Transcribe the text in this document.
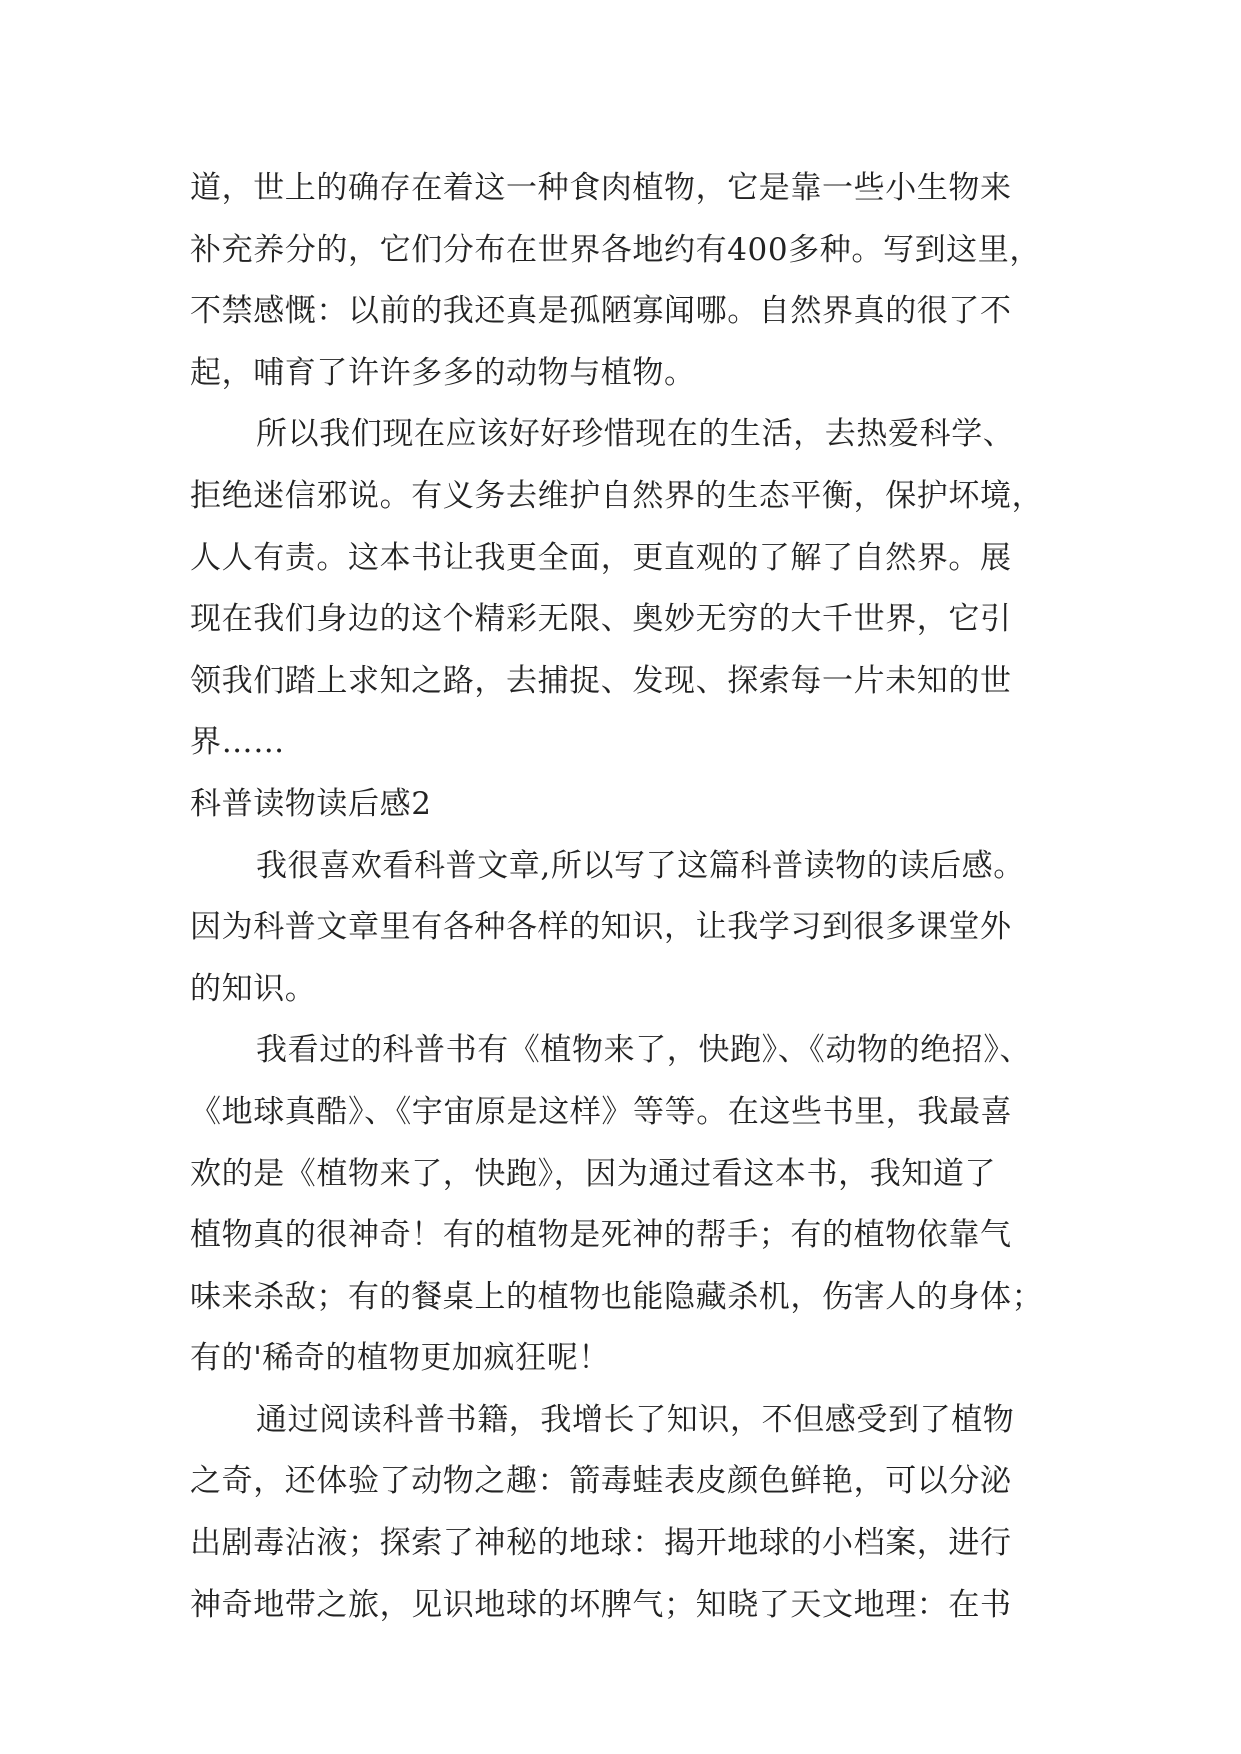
道，世上的确存在着这一种食肉植物，它是靠一些小生物来
补充养分的，它们分布在世界各地约有400多种。写到这里，
不禁感慨：以前的我还真是孤陋寡闻哪。自然界真的很了不
起，哺育了许许多多的动物与植物。
所以我们现在应该好好珍惜现在的生活，去热爱科学、
拒绝迷信邪说。有义务去维护自然界的生态平衡，保护坏境，
人人有责。这本书让我更全面，更直观的了解了自然界。展
现在我们身边的这个精彩无限、奥妙无穷的大千世界，它引
领我们踏上求知之路，去捕捉、发现、探索每一片未知的世
界……
科普读物读后感2
我很喜欢看科普文章,所以写了这篇科普读物的读后感。
因为科普文章里有各种各样的知识，让我学习到很多课堂外
的知识。
我看过的科普书有《植物来了，快跑》、《动物的绝招》、
《地球真酷》、《宇宙原是这样》等等。在这些书里，我最喜
欢的是《植物来了，快跑》，因为通过看这本书，我知道了
植物真的很神奇！有的植物是死神的帮手；有的植物依靠气
味来杀敌；有的餐桌上的植物也能隐藏杀机，伤害人的身体；
有的'稀奇的植物更加疯狂呢！
通过阅读科普书籍，我增长了知识，不但感受到了植物
之奇，还体验了动物之趣：箭毒蛙表皮颜色鲜艳，可以分泌
出剧毒沾液；探索了神秘的地球：揭开地球的小档案，进行
神奇地带之旅，见识地球的坏脾气；知晓了天文地理：在书
